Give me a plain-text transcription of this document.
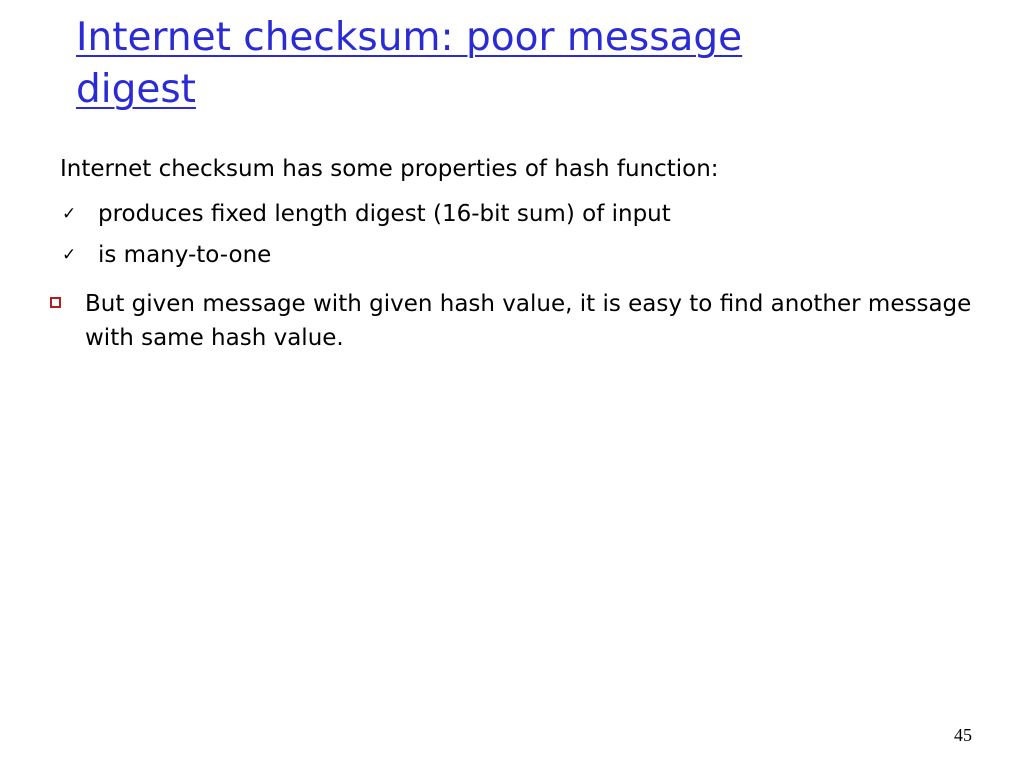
Internet checksum: poor message digest
Internet checksum has some properties of hash function:
✓ produces fixed length digest (16-bit sum) of input
✓ is many-to-one
But given message with given hash value, it is easy to find another message with same hash value.
45
